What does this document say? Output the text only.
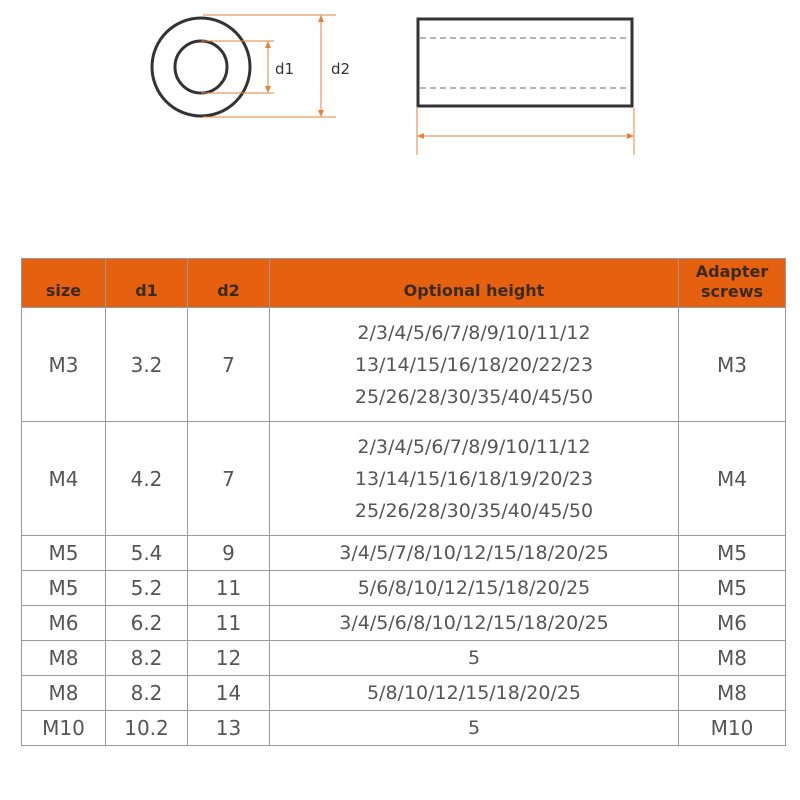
d1 d2
size	d1	d2	Optional height	Adapter
screws

M3	3.2	7	2/3/4/5/6/7/8/9/10/11/12
13/14/15/16/18/20/22/23
25/26/28/30/35/40/45/50	M3
M4	4.2	7	2/3/4/5/6/7/8/9/10/11/12
13/14/15/16/18/19/20/23
25/26/28/30/35/40/45/50	M4
M5	5.4	9	3/4/5/7/8/10/12/15/18/20/25	M5
M5	5.2	11	5/6/8/10/12/15/18/20/25	M5
M6	6.2	11	3/4/5/6/8/10/12/15/18/20/25	M6
M8	8.2	12	5	M8
M8	8.2	14	5/8/10/12/15/18/20/25	M8
M10	10.2	13	5	M10
